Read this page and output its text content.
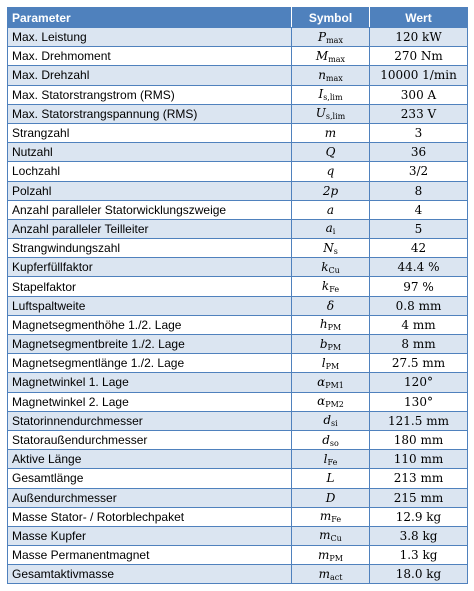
Parameter	Symbol	Wert
Max. Leistung	$P_{max}$	120 kW
Max. Drehmoment	$M_{max}$	270 Nm
Max. Drehzahl	$n_{max}$	10000 1/min
Max. Statorstrangstrom (RMS)	$I_{s,lim}$	300 A
Max. Statorstrangspannung (RMS)	$U_{s,lim}$	233 V
Strangzahl	m	3
Nutzahl	Q	36
Lochzahl	q	3/2
Polzahl	2p	8
Anzahl paralleler Statorwicklungszweige	a	4
Anzahl paralleler Teilleiter	$a_i$	5
Strangwindungszahl	$N_s$	42
Kupferfüllfaktor	$k_{Cu}$	44.4 %
Stapelfaktor	$k_{Fe}$	97 %
Luftspaltweite	δ	0.8 mm
Magnetsegmenthöhe 1./2. Lage	$h_{PM}$	4 mm
Magnetsegmentbreite 1./2. Lage	$b_{PM}$	8 mm
Magnetsegmentlänge 1./2. Lage	$l_{PM}$	27.5 mm
Magnetwinkel 1. Lage	$\alpha_{PM1}$	120°
Magnetwinkel 2. Lage	$\alpha_{PM2}$	130°
Statorinnendurchmesser	$d_{si}$	121.5 mm
Statoraußendurchmesser	$d_{so}$	180 mm
Aktive Länge	$l_{Fe}$	110 mm
Gesamtlänge	L	213 mm
Außendurchmesser	D	215 mm
Masse Stator- / Rotorblechpaket	$m_{Fe}$	12.9 kg
Masse Kupfer	$m_{Cu}$	3.8 kg
Masse Permanentmagnet	$m_{PM}$	1.3 kg
Gesamtaktivmasse	$m_{act}$	18.0 kg
